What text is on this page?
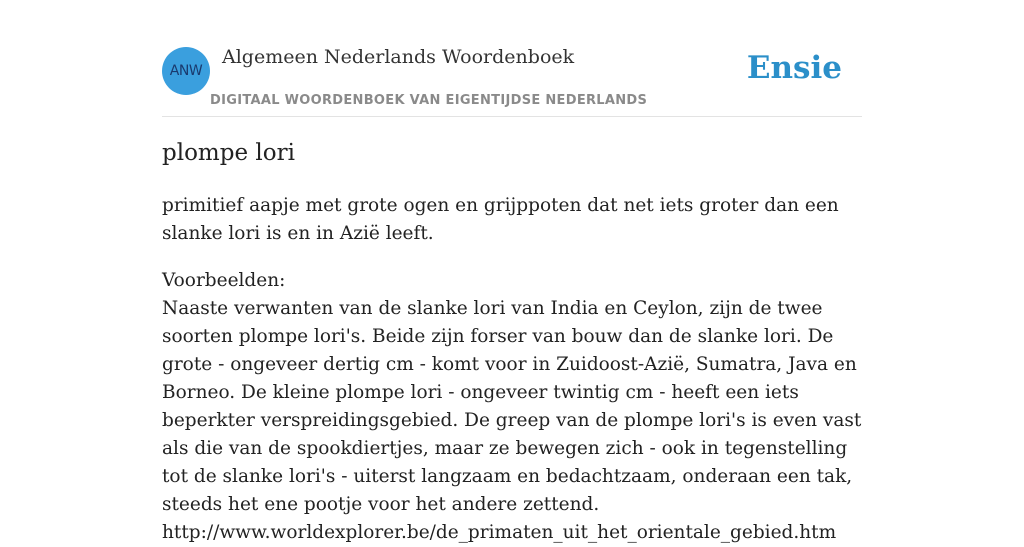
ANW
Algemeen Nederlands Woordenboek
DIGITAAL WOORDENBOEK VAN EIGENTIJDSE NEDERLANDS
Ensie
plompe lori

primitief aapje met grote ogen en grijppoten dat net iets groter dan een slanke lori is en in Azië leeft.

Voorbeelden:
Naaste verwanten van de slanke lori van India en Ceylon, zijn de twee soorten plompe lori's. Beide zijn forser van bouw dan de slanke lori. De grote - ongeveer dertig cm - komt voor in Zuidoost-Azië, Sumatra, Java en Borneo. De kleine plompe lori - ongeveer twintig cm - heeft een iets beperkter verspreidingsgebied. De greep van de plompe lori's is even vast als die van de spookdiertjes, maar ze bewegen zich - ook in tegenstelling tot de slanke lori's - uiterst langzaam en bedachtzaam, onderaan een tak, steeds het ene pootje voor het andere zettend.
http://www.worldexplorer.be/de_primaten_uit_het_orientale_gebied.htm
